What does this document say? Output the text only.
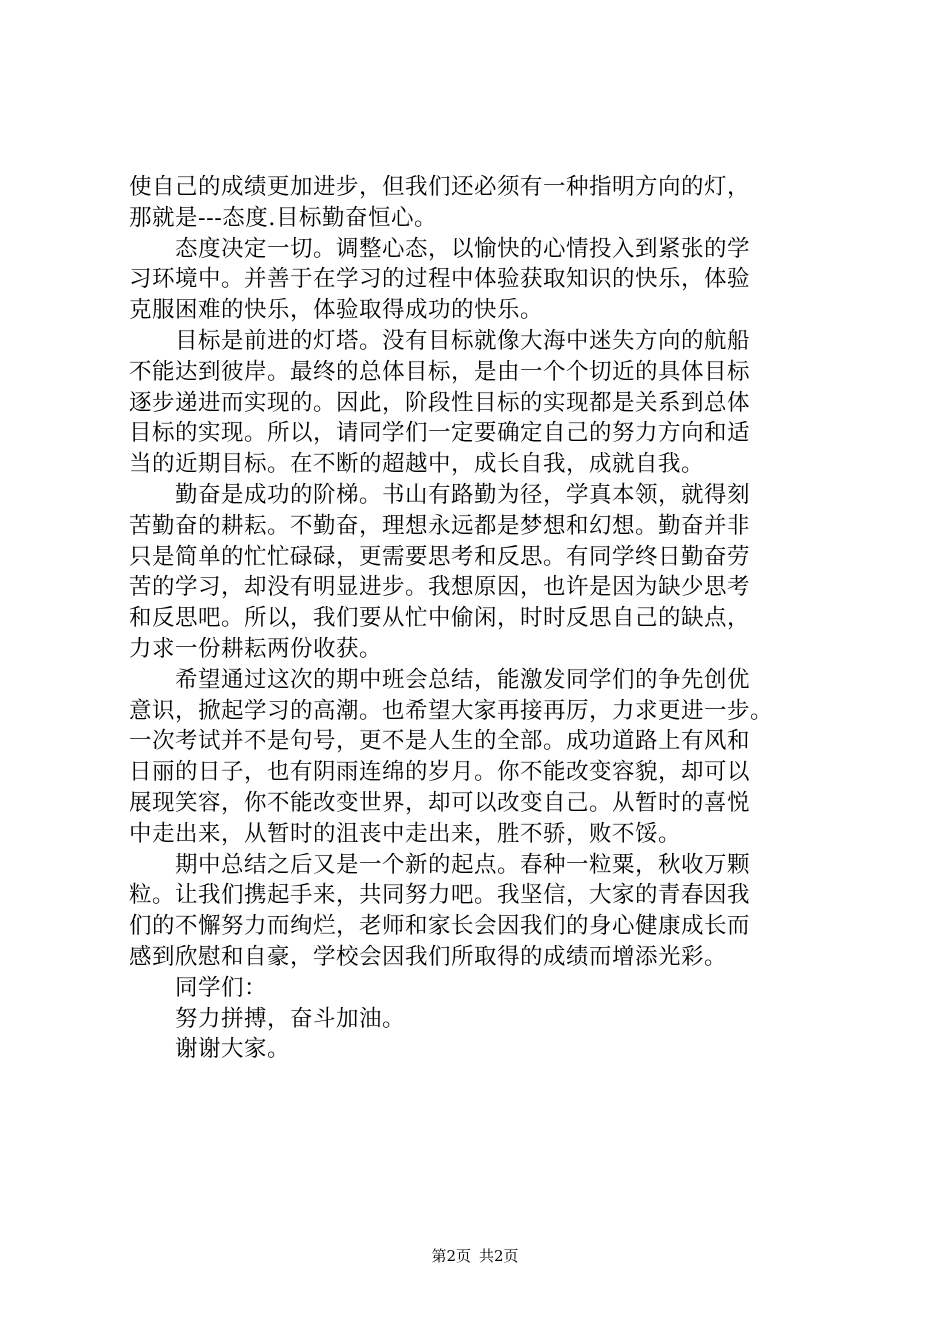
使自己的成绩更加进步，但我们还必须有一种指明方向的灯，
那就是---态度.目标勤奋恒心。
态度决定一切。调整心态，以愉快的心情投入到紧张的学
习环境中。并善于在学习的过程中体验获取知识的快乐，体验
克服困难的快乐，体验取得成功的快乐。
目标是前进的灯塔。没有目标就像大海中迷失方向的航船
不能达到彼岸。最终的总体目标，是由一个个切近的具体目标
逐步递进而实现的。因此，阶段性目标的实现都是关系到总体
目标的实现。所以，请同学们一定要确定自己的努力方向和适
当的近期目标。在不断的超越中，成长自我，成就自我。
勤奋是成功的阶梯。书山有路勤为径，学真本领，就得刻
苦勤奋的耕耘。不勤奋，理想永远都是梦想和幻想。勤奋并非
只是简单的忙忙碌碌，更需要思考和反思。有同学终日勤奋劳
苦的学习，却没有明显进步。我想原因，也许是因为缺少思考
和反思吧。所以，我们要从忙中偷闲，时时反思自己的缺点，
力求一份耕耘两份收获。
希望通过这次的期中班会总结，能激发同学们的争先创优
意识，掀起学习的高潮。也希望大家再接再厉，力求更进一步。
一次考试并不是句号，更不是人生的全部。成功道路上有风和
日丽的日子，也有阴雨连绵的岁月。你不能改变容貌，却可以
展现笑容，你不能改变世界，却可以改变自己。从暂时的喜悦
中走出来，从暂时的沮丧中走出来，胜不骄，败不馁。
期中总结之后又是一个新的起点。春种一粒粟，秋收万颗
粒。让我们携起手来，共同努力吧。我坚信，大家的青春因我
们的不懈努力而绚烂，老师和家长会因我们的身心健康成长而
感到欣慰和自豪，学校会因我们所取得的成绩而增添光彩。
同学们：
努力拼搏，奋斗加油。
谢谢大家。
第2页 共2页
